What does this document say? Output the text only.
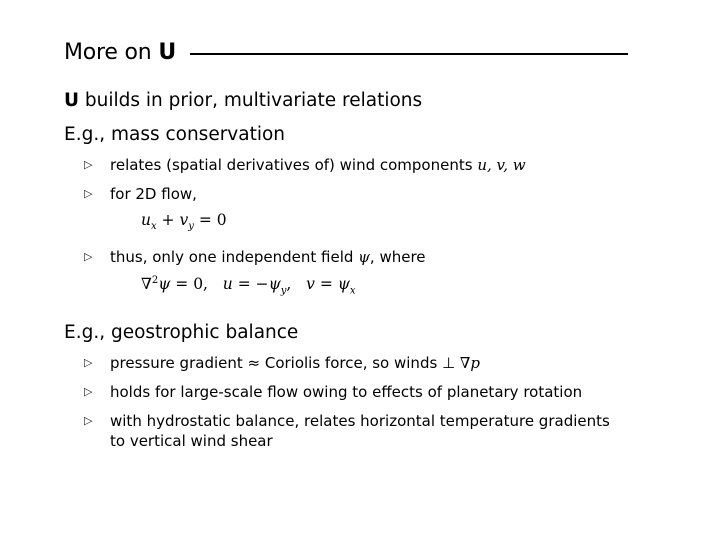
More on U
U builds in prior, multivariate relations
E.g., mass conservation
▷	relates (spatial derivatives of) wind components u, v, w
▷	for 2D flow,
$u_x + v_y = 0$
▷	thus, only one independent field ψ, where
∇$^2$ψ = 0,   $u = -\psi_y$,   $v = \psi_x$
E.g., geostrophic balance
▷	pressure gradient ≈ Coriolis force, so winds ⊥ ∇p
▷	holds for large-scale flow owing to effects of planetary rotation
▷	with hydrostatic balance, relates horizontal temperature gradients to vertical wind shear
